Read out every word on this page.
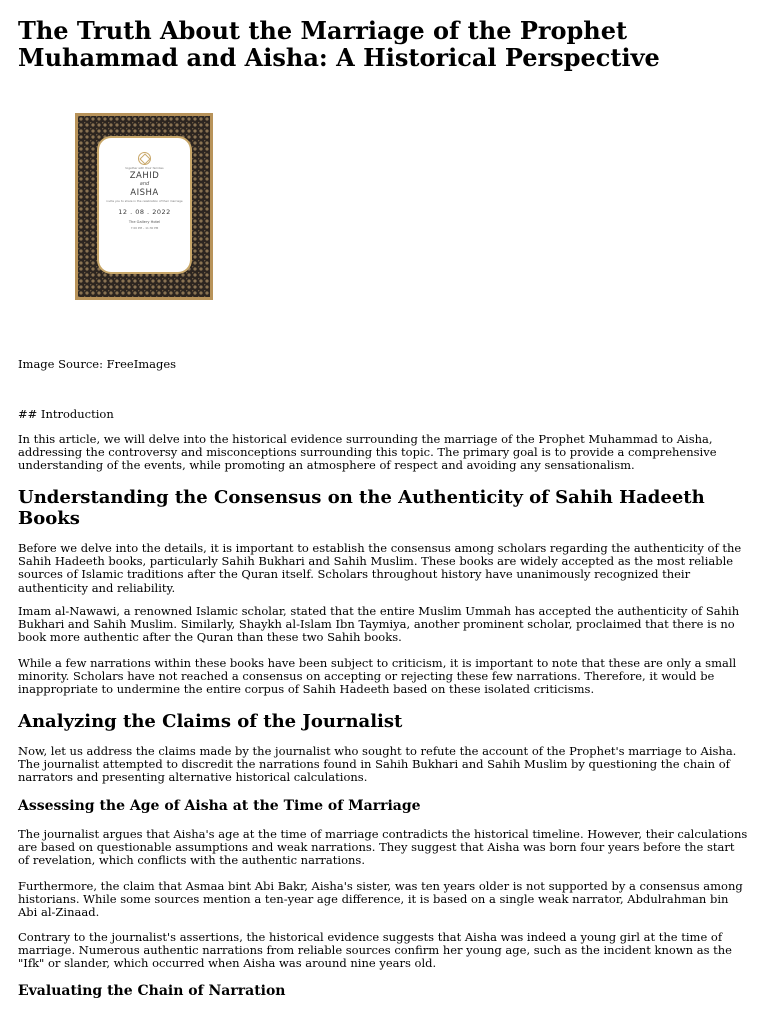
The Truth About the Marriage of the Prophet Muhammad and Aisha: A Historical Perspective
together with their families
ZAHID
and
AISHA
invite you to share in the celebration of their marriage
12 . 08 . 2022
The Gallery Hotel
7:00 PM – 11:30 PM

Image Source: FreeImages

## Introduction

In this article, we will delve into the historical evidence surrounding the marriage of the Prophet Muhammad to Aisha, addressing the controversy and misconceptions surrounding this topic. The primary goal is to provide a comprehensive understanding of the events, while promoting an atmosphere of respect and avoiding any sensationalism.

Understanding the Consensus on the Authenticity of Sahih Hadeeth Books

Before we delve into the details, it is important to establish the consensus among scholars regarding the authenticity of the Sahih Hadeeth books, particularly Sahih Bukhari and Sahih Muslim. These books are widely accepted as the most reliable sources of Islamic traditions after the Quran itself. Scholars throughout history have unanimously recognized their authenticity and reliability.

Imam al-Nawawi, a renowned Islamic scholar, stated that the entire Muslim Ummah has accepted the authenticity of Sahih Bukhari and Sahih Muslim. Similarly, Shaykh al-Islam Ibn Taymiya, another prominent scholar, proclaimed that there is no book more authentic after the Quran than these two Sahih books.

While a few narrations within these books have been subject to criticism, it is important to note that these are only a small minority. Scholars have not reached a consensus on accepting or rejecting these few narrations. Therefore, it would be inappropriate to undermine the entire corpus of Sahih Hadeeth based on these isolated criticisms.

Analyzing the Claims of the Journalist

Now, let us address the claims made by the journalist who sought to refute the account of the Prophet's marriage to Aisha. The journalist attempted to discredit the narrations found in Sahih Bukhari and Sahih Muslim by questioning the chain of narrators and presenting alternative historical calculations.

Assessing the Age of Aisha at the Time of Marriage

The journalist argues that Aisha's age at the time of marriage contradicts the historical timeline. However, their calculations are based on questionable assumptions and weak narrations. They suggest that Aisha was born four years before the start of revelation, which conflicts with the authentic narrations.

Furthermore, the claim that Asmaa bint Abi Bakr, Aisha's sister, was ten years older is not supported by a consensus among historians. While some sources mention a ten-year age difference, it is based on a single weak narrator, Abdulrahman bin Abi al-Zinaad.

Contrary to the journalist's assertions, the historical evidence suggests that Aisha was indeed a young girl at the time of marriage. Numerous authentic narrations from reliable sources confirm her young age, such as the incident known as the "Ifk" or slander, which occurred when Aisha was around nine years old.

Evaluating the Chain of Narration
